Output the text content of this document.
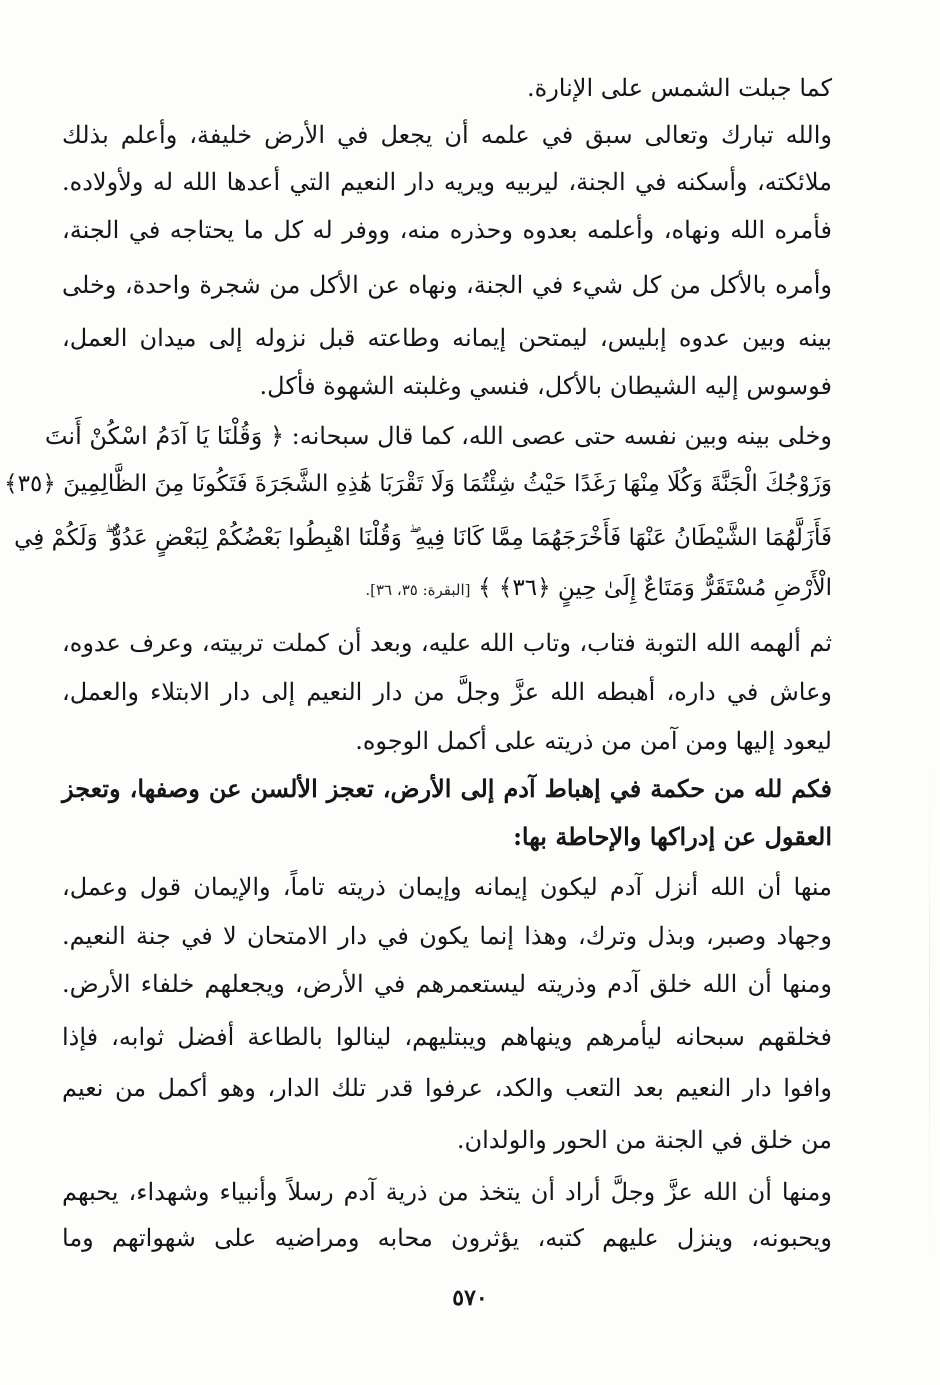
كما جبلت الشمس على الإنارة.
والله تبارك وتعالى سبق في علمه أن يجعل في الأرض خليفة، وأعلم بذلك
ملائكته، وأسكنه في الجنة، ليربيه ويريه دار النعيم التي أعدها الله له ولأولاده.
فأمره الله ونهاه، وأعلمه بعدوه وحذره منه، ووفر له كل ما يحتاجه في الجنة،
وأمره بالأكل من كل شيء في الجنة، ونهاه عن الأكل من شجرة واحدة، وخلى
بينه وبين عدوه إبليس، ليمتحن إيمانه وطاعته قبل نزوله إلى ميدان العمل،
فوسوس إليه الشيطان بالأكل، فنسي وغلبته الشهوة فأكل.
وخلى بينه وبين نفسه حتى عصى الله، كما قال سبحانه: ﴿ وَقُلْنَا يَا آدَمُ اسْكُنْ أَنتَ
وَزَوْجُكَ الْجَنَّةَ وَكُلَا مِنْهَا رَغَدًا حَيْثُ شِئْتُمَا وَلَا تَقْرَبَا هَٰذِهِ الشَّجَرَةَ فَتَكُونَا مِنَ الظَّالِمِينَ ﴿٣٥﴾
فَأَزَلَّهُمَا الشَّيْطَانُ عَنْهَا فَأَخْرَجَهُمَا مِمَّا كَانَا فِيهِ ۖ وَقُلْنَا اهْبِطُوا بَعْضُكُمْ لِبَعْضٍ عَدُوٌّ ۖ وَلَكُمْ فِي
الْأَرْضِ مُسْتَقَرٌّ وَمَتَاعٌ إِلَىٰ حِينٍ ﴿٣٦﴾ ﴾ [البقرة: ٣٥، ٣٦].
ثم ألهمه الله التوبة فتاب، وتاب الله عليه، وبعد أن كملت تربيته، وعرف عدوه،
وعاش في داره، أهبطه الله عزَّ وجلَّ من دار النعيم إلى دار الابتلاء والعمل،
ليعود إليها ومن آمن من ذريته على أكمل الوجوه.
فكم لله من حكمة في إهباط آدم إلى الأرض، تعجز الألسن عن وصفها، وتعجز
العقول عن إدراكها والإحاطة بها:
منها أن الله أنزل آدم ليكون إيمانه وإيمان ذريته تاماً، والإيمان قول وعمل،
وجهاد وصبر، وبذل وترك، وهذا إنما يكون في دار الامتحان لا في جنة النعيم.
ومنها أن الله خلق آدم وذريته ليستعمرهم في الأرض، ويجعلهم خلفاء الأرض.
فخلقهم سبحانه ليأمرهم وينهاهم ويبتليهم، لينالوا بالطاعة أفضل ثوابه، فإذا
وافوا دار النعيم بعد التعب والكد، عرفوا قدر تلك الدار، وهو أكمل من نعيم
من خلق في الجنة من الحور والولدان.
ومنها أن الله عزَّ وجلَّ أراد أن يتخذ من ذرية آدم رسلاً وأنبياء وشهداء، يحبهم
ويحبونه، وينزل عليهم كتبه، يؤثرون محابه ومراضيه على شهواتهم وما
٥٧٠
